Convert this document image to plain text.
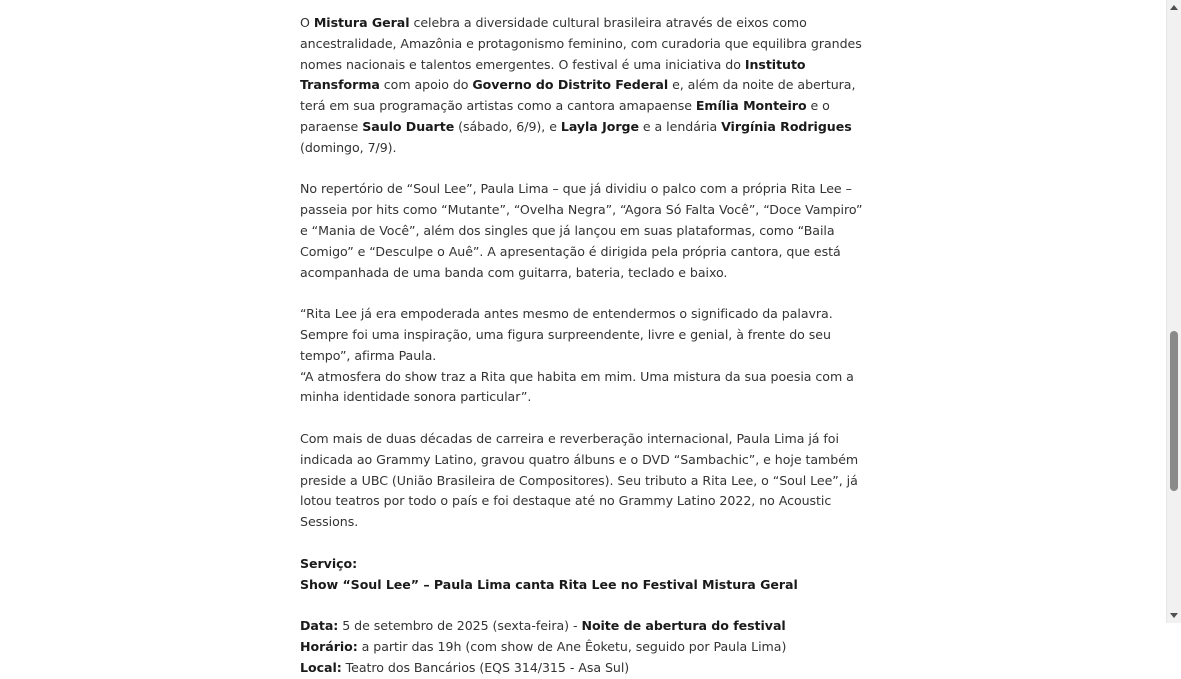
O Mistura Geral celebra a diversidade cultural brasileira através de eixos como ancestralidade, Amazônia e protagonismo feminino, com curadoria que equilibra grandes nomes nacionais e talentos emergentes. O festival é uma iniciativa do Instituto Transforma com apoio do Governo do Distrito Federal e, além da noite de abertura, terá em sua programação artistas como a cantora amapaense Emília Monteiro e o paraense Saulo Duarte (sábado, 6/9), e Layla Jorge e a lendária Virgínia Rodrigues (domingo, 7/9).

No repertório de “Soul Lee”, Paula Lima – que já dividiu o palco com a própria Rita Lee – passeia por hits como “Mutante”, “Ovelha Negra”, “Agora Só Falta Você”, “Doce Vampiro” e “Mania de Você”, além dos singles que já lançou em suas plataformas, como “Baila Comigo” e “Desculpe o Auê”. A apresentação é dirigida pela própria cantora, que está acompanhada de uma banda com guitarra, bateria, teclado e baixo.

“Rita Lee já era empoderada antes mesmo de entendermos o significado da palavra. Sempre foi uma inspiração, uma figura surpreendente, livre e genial, à frente do seu tempo”, afirma Paula.
“A atmosfera do show traz a Rita que habita em mim. Uma mistura da sua poesia com a minha identidade sonora particular”.

Com mais de duas décadas de carreira e reverberação internacional, Paula Lima já foi indicada ao Grammy Latino, gravou quatro álbuns e o DVD “Sambachic”, e hoje também preside a UBC (União Brasileira de Compositores). Seu tributo a Rita Lee, o “Soul Lee”, já lotou teatros por todo o país e foi destaque até no Grammy Latino 2022, no Acoustic Sessions.

Serviço:

Show “Soul Lee” – Paula Lima canta Rita Lee no Festival Mistura Geral

Data: 5 de setembro de 2025 (sexta-feira) - Noite de abertura do festival

Horário: a partir das 19h (com show de Ane Êoketu, seguido por Paula Lima)

Local: Teatro dos Bancários (EQS 314/315 - Asa Sul)
